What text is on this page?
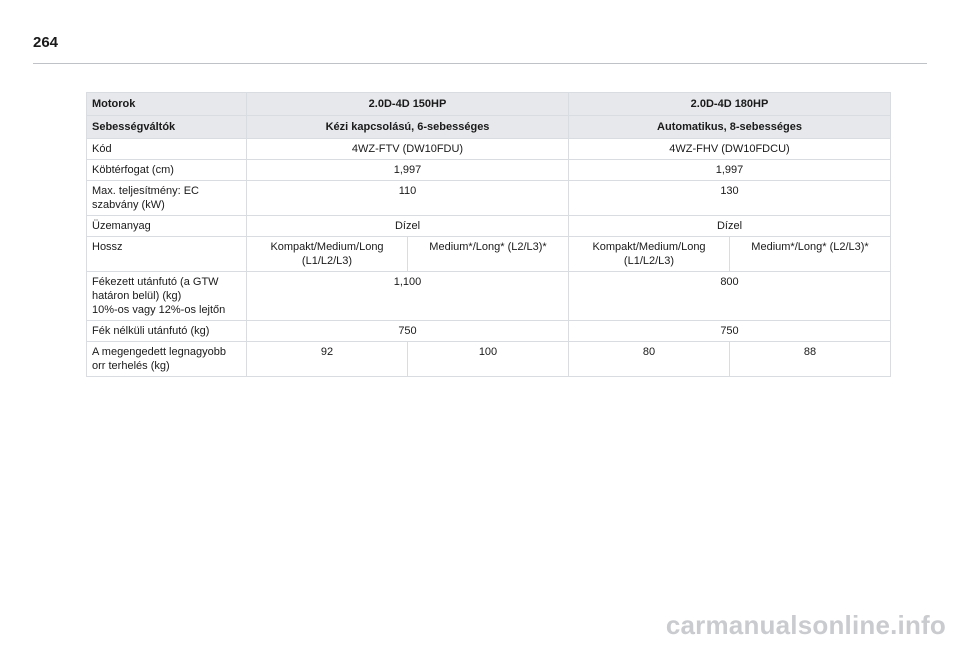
264
Motorok	2.0D-4D 150HP		2.0D-4D 180HP	
Sebességváltók	Kézi kapcsolású, 6-sebességes		Automatikus, 8-sebességes	
Kód	4WZ-FTV (DW10FDU)		4WZ-FHV (DW10FDCU)	
Köbtérfogat (cm)	1,997		1,997	
Max. teljesítmény: EC szabvány (kW)	110		130	
Üzemanyag	Dízel		Dízel	
Hossz	Kompakt/Medium/Long (L1/L2/L3)	Medium*/Long* (L2/L3)*	Kompakt/Medium/Long (L1/L2/L3)	Medium*/Long* (L2/L3)*

Fékezett utánfutó (a GTW határon belül) (kg)
10%-os vagy 12%-os lejtőn	1,100		800	
Fék nélküli utánfutó (kg)	750		750	
A megengedett legnagyobb orr terhelés (kg)	92	100	80	88
carmanualsonline.info
